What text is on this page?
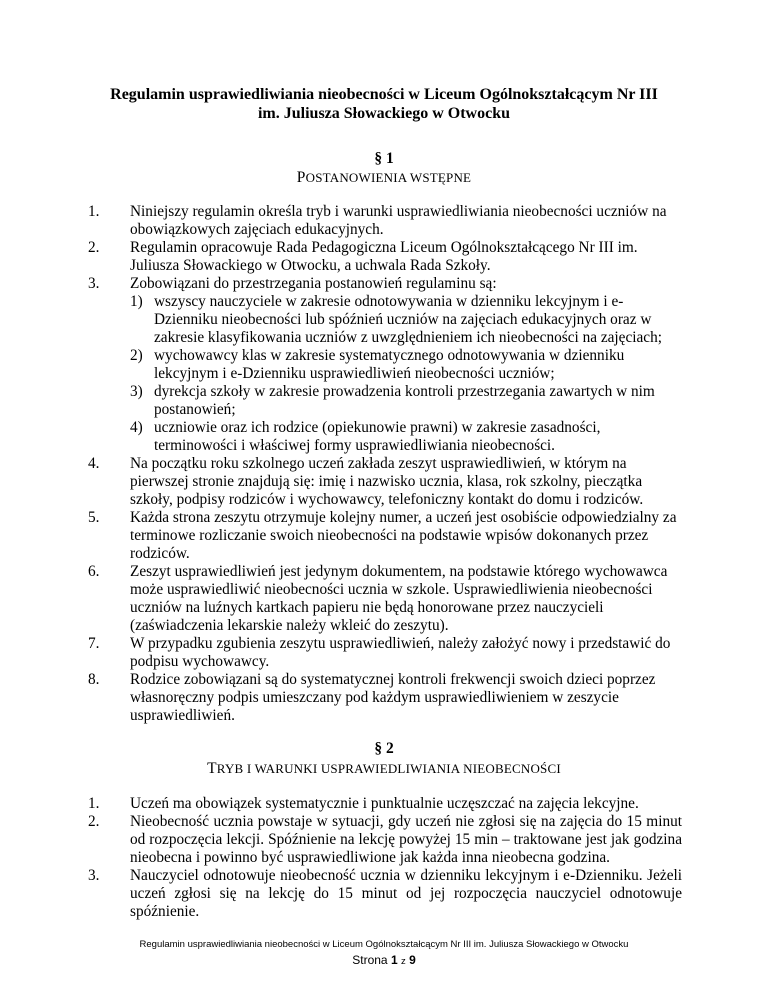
Regulamin usprawiedliwiania nieobecności w Liceum Ogólnokształcącym Nr III
im. Juliusza Słowackiego w Otwocku
§ 1
POSTANOWIENIA WSTĘPNE
1.	Niniejszy regulamin określa tryb i warunki usprawiedliwiania nieobecności uczniów na obowiązkowych zajęciach edukacyjnych.
2.	Regulamin opracowuje Rada Pedagogiczna Liceum Ogólnokształcącego Nr III im. Juliusza Słowackiego w Otwocku, a uchwala Rada Szkoły.
3.	Zobowiązani do przestrzegania postanowień regulaminu są:
1) wszyscy nauczyciele w zakresie odnotowywania w dzienniku lekcyjnym i e-Dzienniku nieobecności lub spóźnień uczniów na zajęciach edukacyjnych oraz w zakresie klasyfikowania uczniów z uwzględnieniem ich nieobecności na zajęciach;
2) wychowawcy klas w zakresie systematycznego odnotowywania w dzienniku lekcyjnym i e-Dzienniku usprawiedliwień nieobecności uczniów;
3) dyrekcja szkoły w zakresie prowadzenia kontroli przestrzegania zawartych w nim postanowień;
4) uczniowie oraz ich rodzice (opiekunowie prawni) w zakresie zasadności, terminowości i właściwej formy usprawiedliwiania nieobecności.
4.	Na początku roku szkolnego uczeń zakłada zeszyt usprawiedliwień, w którym na pierwszej stronie znajdują się: imię i nazwisko ucznia, klasa, rok szkolny, pieczątka szkoły, podpisy rodziców i wychowawcy, telefoniczny kontakt do domu i rodziców.
5.	Każda strona zeszytu otrzymuje kolejny numer, a uczeń jest osobiście odpowiedzialny za terminowe rozliczanie swoich nieobecności na podstawie wpisów dokonanych przez rodziców.
6.	Zeszyt usprawiedliwień jest jedynym dokumentem, na podstawie którego wychowawca może usprawiedliwić nieobecności ucznia w szkole. Usprawiedliwienia nieobecności uczniów na luźnych kartkach papieru nie będą honorowane przez nauczycieli (zaświadczenia lekarskie należy wkleić do zeszytu).
7.	W przypadku zgubienia zeszytu usprawiedliwień, należy założyć nowy i przedstawić do podpisu wychowawcy.
8.	Rodzice zobowiązani są do systematycznej kontroli frekwencji swoich dzieci poprzez własnoręczny podpis umieszczany pod każdym usprawiedliwieniem w zeszycie usprawiedliwień.
§ 2
TRYB I WARUNKI USPRAWIEDLIWIANIA NIEOBECNOŚCI
1.	Uczeń ma obowiązek systematycznie i punktualnie uczęszczać na zajęcia lekcyjne.
2.	Nieobecność ucznia powstaje w sytuacji, gdy uczeń nie zgłosi się na zajęcia do 15 minut od rozpoczęcia lekcji. Spóźnienie na lekcję powyżej 15 min – traktowane jest jak godzina nieobecna i powinno być usprawiedliwione jak każda inna nieobecna godzina.
3.	Nauczyciel odnotowuje nieobecność ucznia w dzienniku lekcyjnym i e-Dzienniku. Jeżeli uczeń zgłosi się na lekcję do 15 minut od jej rozpoczęcia nauczyciel odnotowuje spóźnienie.
Regulamin usprawiedliwiania nieobecności w Liceum Ogólnokształcącym Nr III im. Juliusza Słowackiego w Otwocku
Strona 1 z 9
